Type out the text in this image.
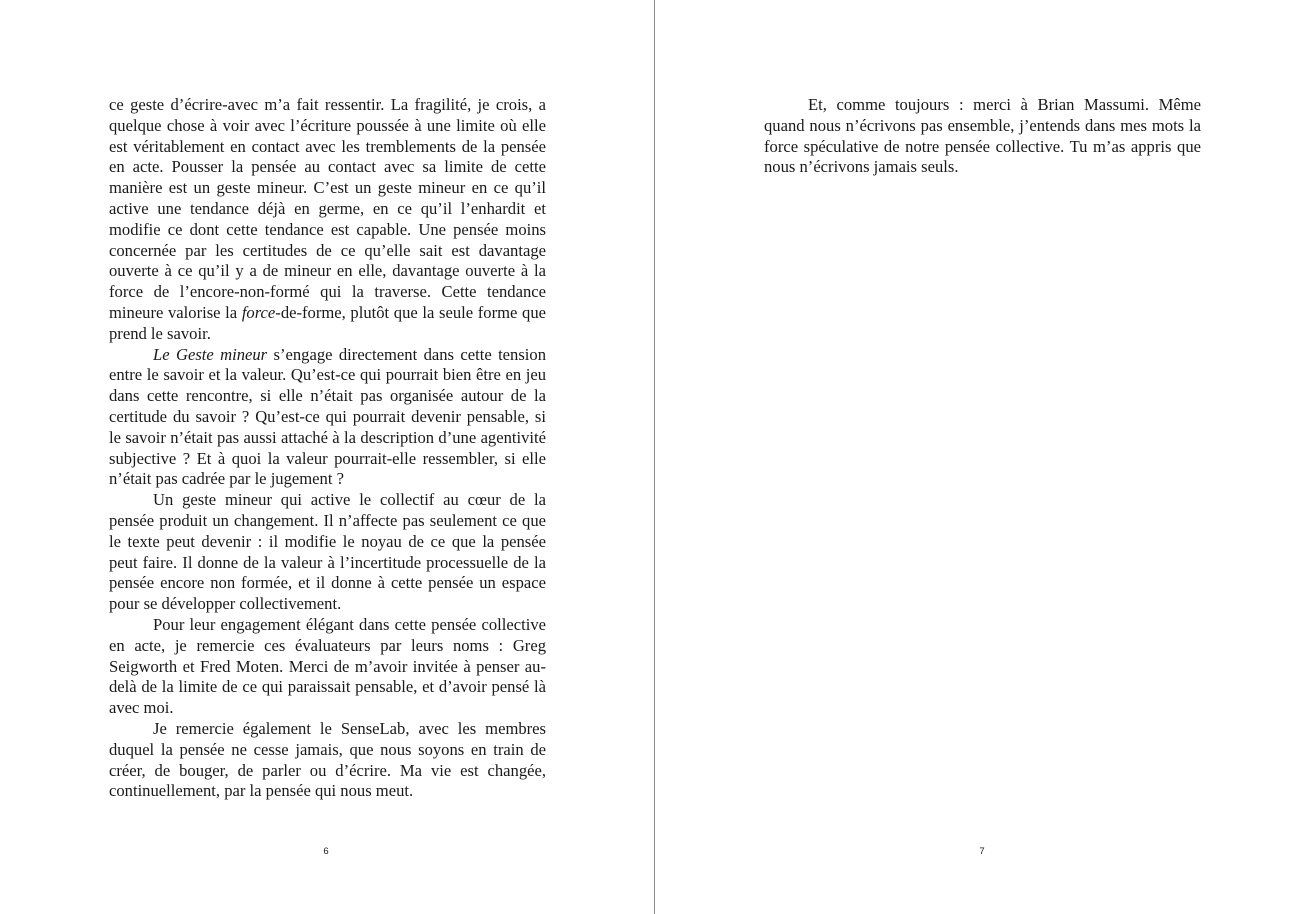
ce geste d’écrire-avec m’a fait ressentir. La fragilité, je crois, a quelque chose à voir avec l’écriture poussée à une limite où elle est véritablement en contact avec les tremblements de la pensée en acte. Pousser la pensée au contact avec sa limite de cette manière est un geste mineur. C’est un geste mineur en ce qu’il active une tendance déjà en germe, en ce qu’il l’enhardit et modifie ce dont cette tendance est capable. Une pensée moins concernée par les certitudes de ce qu’elle sait est davantage ouverte à ce qu’il y a de mineur en elle, davantage ouverte à la force de l’encore-non-formé qui la traverse. Cette tendance mineure valorise la force-de-forme, plutôt que la seule forme que prend le savoir.

Le Geste mineur s’engage directement dans cette tension entre le savoir et la valeur. Qu’est-ce qui pourrait bien être en jeu dans cette rencontre, si elle n’était pas organisée autour de la certitude du savoir ? Qu’est-ce qui pourrait devenir pensable, si le savoir n’était pas aussi attaché à la description d’une agentivité subjective ? Et à quoi la valeur pourrait-elle ressembler, si elle n’était pas cadrée par le jugement ?

Un geste mineur qui active le collectif au cœur de la pensée produit un changement. Il n’affecte pas seulement ce que le texte peut devenir : il modifie le noyau de ce que la pensée peut faire. Il donne de la valeur à l’incertitude processuelle de la pensée encore non formée, et il donne à cette pensée un espace pour se développer collectivement.

Pour leur engagement élégant dans cette pensée collective en acte, je remercie ces évaluateurs par leurs noms : Greg Seigworth et Fred Moten. Merci de m’avoir invitée à penser au-delà de la limite de ce qui paraissait pensable, et d’avoir pensé là avec moi.

Je remercie également le SenseLab, avec les membres duquel la pensée ne cesse jamais, que nous soyons en train de créer, de bouger, de parler ou d’écrire. Ma vie est changée, continuellement, par la pensée qui nous meut.

6

Et, comme toujours : merci à Brian Massumi. Même quand nous n’écrivons pas ensemble, j’entends dans mes mots la force spéculative de notre pensée collective. Tu m’as appris que nous n’écrivons jamais seuls.

7
